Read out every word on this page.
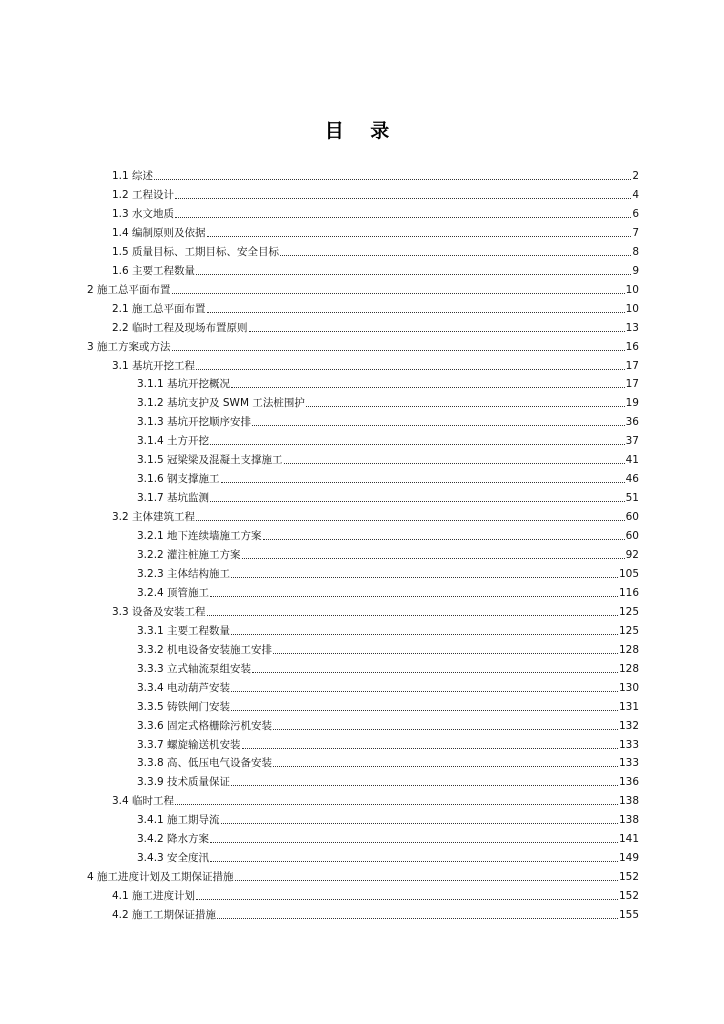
目 录
1.1 综述	2
1.2 工程设计	4
1.3 水文地质	6
1.4 编制原则及依据	7
1.5 质量目标、工期目标、安全目标	8
1.6 主要工程数量	9
2 施工总平面布置	10
2.1 施工总平面布置	10
2.2 临时工程及现场布置原则	13
3 施工方案或方法	16
3.1 基坑开挖工程	17
3.1.1 基坑开挖概况	17
3.1.2 基坑支护及 SWM 工法桩围护	19
3.1.3 基坑开挖顺序安排	36
3.1.4 土方开挖	37
3.1.5 冠梁梁及混凝土支撑施工	41
3.1.6 钢支撑施工	46
3.1.7 基坑监测	51
3.2 主体建筑工程	60
3.2.1 地下连续墙施工方案	60
3.2.2 灌注桩施工方案	92
3.2.3 主体结构施工	105
3.2.4 顶管施工	116
3.3 设备及安装工程	125
3.3.1 主要工程数量	125
3.3.2 机电设备安装施工安排	128
3.3.3 立式轴流泵组安装	128
3.3.4 电动葫芦安装	130
3.3.5 铸铁闸门安装	131
3.3.6 固定式格栅除污机安装	132
3.3.7 螺旋输送机安装	133
3.3.8 高、低压电气设备安装	133
3.3.9 技术质量保证	136
3.4 临时工程	138
3.4.1 施工期导流	138
3.4.2 降水方案	141
3.4.3 安全度汛	149
4 施工进度计划及工期保证措施	152
4.1 施工进度计划	152
4.2 施工工期保证措施	155
